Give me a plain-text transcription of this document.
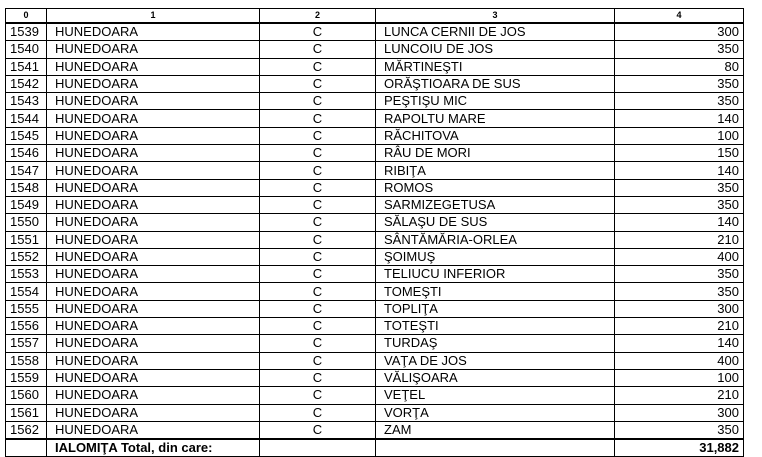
0	1	2	3	4
1539	HUNEDOARA	C	LUNCA CERNII DE JOS	300
1540	HUNEDOARA	C	LUNCOIU DE JOS	350
1541	HUNEDOARA	C	MĂRTINEŞTI	80
1542	HUNEDOARA	C	ORĂŞTIOARA DE SUS	350
1543	HUNEDOARA	C	PEŞTIŞU MIC	350
1544	HUNEDOARA	C	RAPOLTU MARE	140
1545	HUNEDOARA	C	RĂCHITOVA	100
1546	HUNEDOARA	C	RÂU DE MORI	150
1547	HUNEDOARA	C	RIBIŢA	140
1548	HUNEDOARA	C	ROMOS	350
1549	HUNEDOARA	C	SARMIZEGETUSA	350
1550	HUNEDOARA	C	SĂLAŞU DE SUS	140
1551	HUNEDOARA	C	SÂNTĂMĂRIA-ORLEA	210
1552	HUNEDOARA	C	ŞOIMUŞ	400
1553	HUNEDOARA	C	TELIUCU INFERIOR	350
1554	HUNEDOARA	C	TOMEŞTI	350
1555	HUNEDOARA	C	TOPLIŢA	300
1556	HUNEDOARA	C	TOTEŞTI	210
1557	HUNEDOARA	C	TURDAŞ	140
1558	HUNEDOARA	C	VAŢA DE JOS	400
1559	HUNEDOARA	C	VĂLIŞOARA	100
1560	HUNEDOARA	C	VEŢEL	210
1561	HUNEDOARA	C	VORŢA	300
1562	HUNEDOARA	C	ZAM	350
	IALOMIŢA Total, din care:			31,882
